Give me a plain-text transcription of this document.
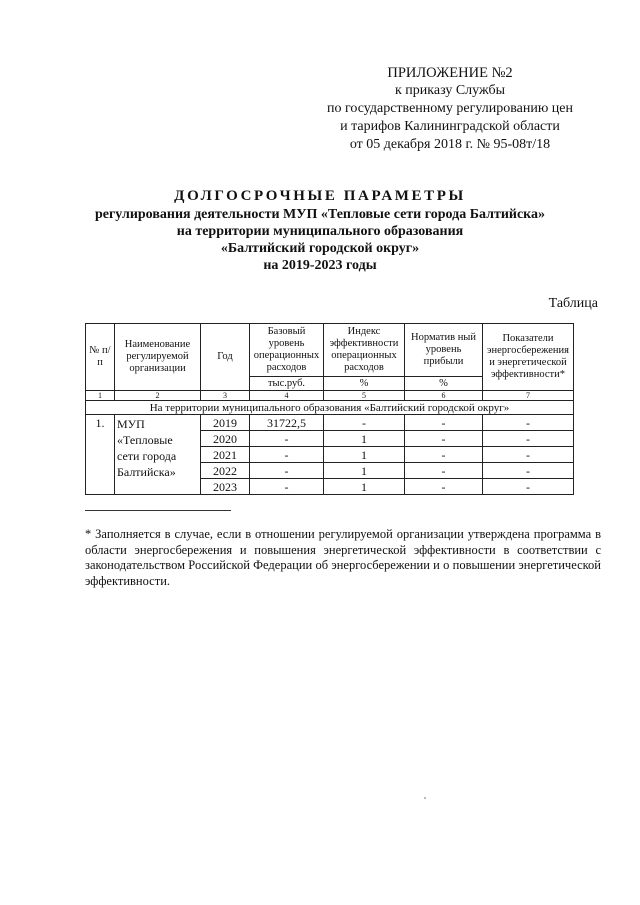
ПРИЛОЖЕНИЕ №2
к приказу Службы
по государственному регулированию цен
и тарифов Калининградской области
от 05 декабря 2018 г. № 95-08т/18
ДОЛГОСРОЧНЫЕ ПАРАМЕТРЫ
регулирования деятельности МУП «Тепловые сети города Балтийска»
на территории муниципального образования
«Балтийский городской округ»
на 2019-2023 годы
Таблица
№ п/п	Наименование регулируемой организации	Год	Базовый уровень операционных расходов	Индекс эффективности операционных расходов	Норматив ный уровень прибыли	Показатели энергосбережения и энергетической эффективности*
			тыс.руб.	%	%	
1	2	3	4	5	6	7
На территории муниципального образования «Балтийский городской округ»						
1.	МУП «Тепловые сети города Балтийска»	2019	31722,5	-	-	-
		2020	-	1	-	-
		2021	-	1	-	-
		2022	-	1	-	-
		2023	-	1	-	-
* Заполняется в случае, если в отношении регулируемой организации утверждена программа в области энергосбережения и повышения энергетической эффективности в соответствии с законодательством Российской Федерации об энергосбережении и о повышении энергетической эффективности.
